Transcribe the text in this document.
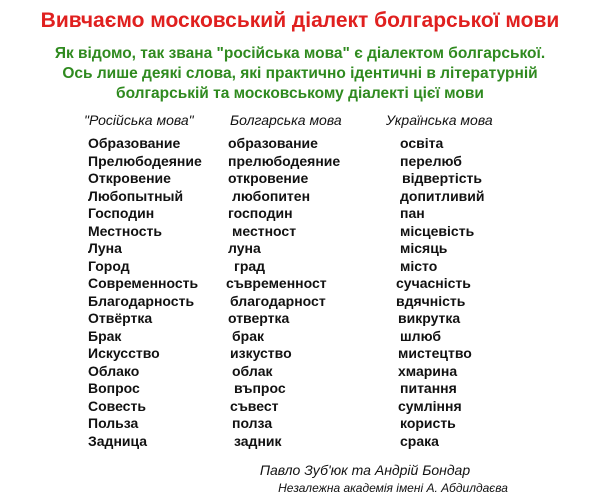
Вивчаємо московський діалект болгарської мови
Як відомо, так звана "російська мова" є діалектом болгарської.
Ось лише деякі слова, які практично ідентичні в літературній
болгарській та московському діалекті цієї мови
"Російська мова"	Болгарська мова	Українська мова
Образование	образование	освіта
Прелюбодеяние прелюбодеяние	перелюб
Откровение	откровение	відвертість
Любопытный	любопитен	допитливий
Господин	господин	пан
Местность	местност	місцевість
Луна	луна	місяць
Город	град	місто
Современность съвременност	сучасність
Благодарность	благодарност	вдячність
Отвёртка	отвертка	викрутка
Брак	брак	шлюб
Искусство	изкуство	мистецтво
Облако	облак	хмарина
Вопрос	въпрос	питання
Совесть	съвест	сумління
Польза	полза	користь
Задница	задник	срака
Павло Зуб'юк та Андрій Бондар
Незалежна академія імені А. Абдилдаєва
